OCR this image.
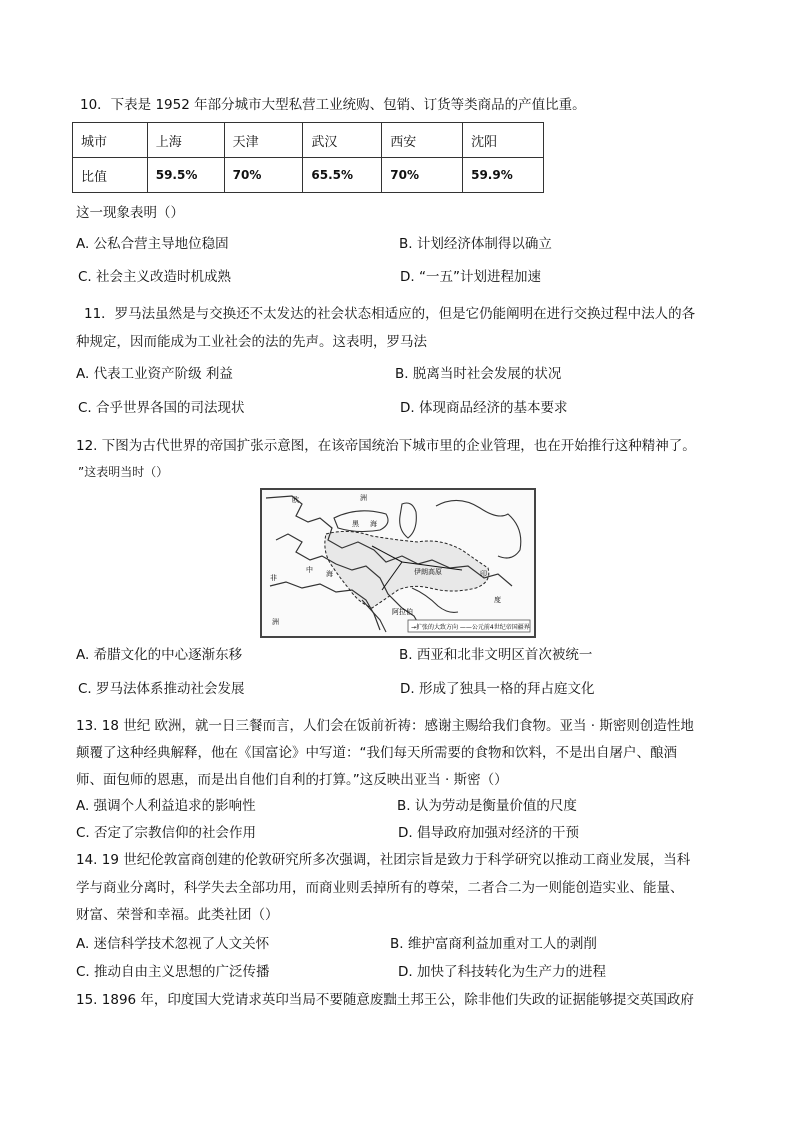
10．下表是 1952 年部分城市大型私营工业统购、包销、订货等类商品的产值比重。
城市	上海	天津	武汉	西安	沈阳
比值	59.5%	70%	65.5%	70%	59.9%
这一现象表明（）
A. 公私合营主导地位稳固	B. 计划经济体制得以确立
C. 社会主义改造时机成熟	D. “一五”计划进程加速
11．罗马法虽然是与交换还不太发达的社会状态相适应的，但是它仍能阐明在进行交换过程中法人的各
种规定，因而能成为工业社会的法的先声。这表明，罗马法
A. 代表工业资产阶级 利益	B. 脱离当时社会发展的状况
C. 合乎世界各国的司法现状	D. 体现商品经济的基本要求
12. 下图为古代世界的帝国扩张示意图，在该帝国统治下城市里的企业管理，也在开始推行这种精神了。
”这表明当时（）
→扩张的大致方向 ——公元前4世纪帝国疆界
欧	洲
黑 海
非
洲
中 海	伊朗高原
阿拉伯
印
度
A. 希腊文化的中心逐渐东移	B. 西亚和北非文明区首次被统一
C. 罗马法体系推动社会发展	D. 形成了独具一格的拜占庭文化
13. 18 世纪 欧洲，就一日三餐而言，人们会在饭前祈祷：感谢主赐给我们食物。亚当 · 斯密则创造性地
颠覆了这种经典解释，他在《国富论》中写道：“我们每天所需要的食物和饮料，不是出自屠户、酿酒
师、面包师的恩惠，而是出自他们自利的打算。”这反映出亚当 · 斯密（）
A. 强调个人利益追求的影响性	B. 认为劳动是衡量价值的尺度
C. 否定了宗教信仰的社会作用	D. 倡导政府加强对经济的干预
14. 19 世纪伦敦富商创建的伦敦研究所多次强调，社团宗旨是致力于科学研究以推动工商业发展，当科
学与商业分离时，科学失去全部功用，而商业则丢掉所有的尊荣，二者合二为一则能创造实业、能量、
财富、荣誉和幸福。此类社团（）
A. 迷信科学技术忽视了人文关怀	B. 维护富商利益加重对工人的剥削
C. 推动自由主义思想的广泛传播	D. 加快了科技转化为生产力的进程
15. 1896 年，印度国大党请求英印当局不要随意废黜土邦王公，除非他们失政的证据能够提交英国政府
